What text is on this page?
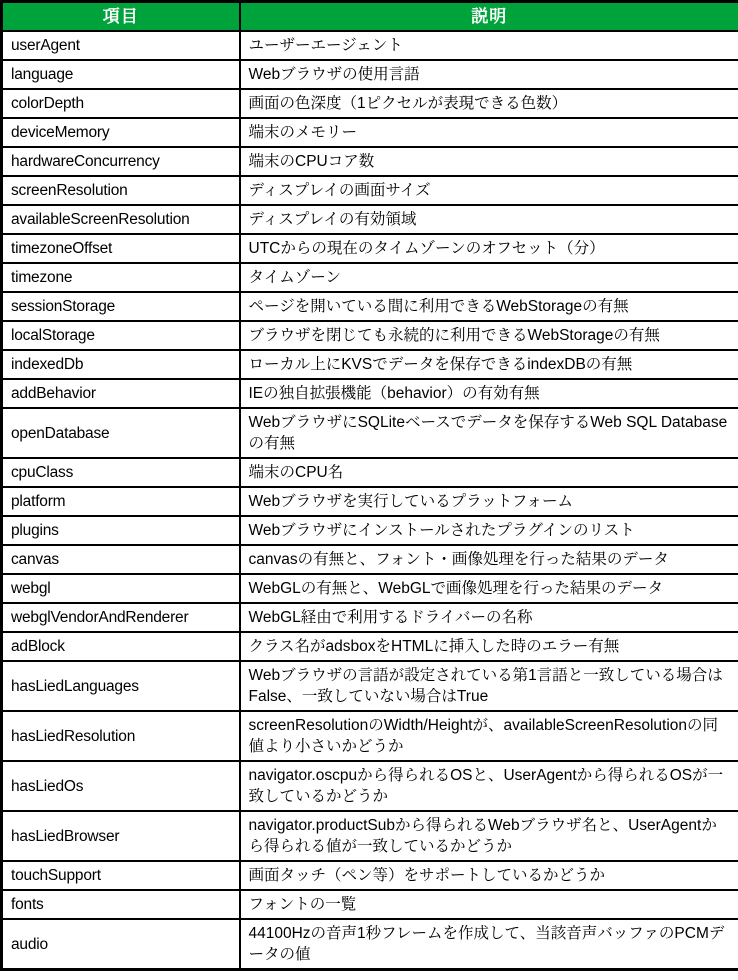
項目	説明
userAgent	ユーザーエージェント
language	Webブラウザの使用言語
colorDepth	画面の色深度（1ピクセルが表現できる色数）
deviceMemory	端末のメモリー
hardwareConcurrency	端末のCPUコア数
screenResolution	ディスプレイの画面サイズ
availableScreenResolution	ディスプレイの有効領域
timezoneOffset	UTCからの現在のタイムゾーンのオフセット（分）
timezone	タイムゾーン
sessionStorage	ページを開いている間に利用できるWebStorageの有無
localStorage	ブラウザを閉じても永続的に利用できるWebStorageの有無
indexedDb	ローカル上にKVSでデータを保存できるindexDBの有無
addBehavior	IEの独自拡張機能（behavior）の有効有無
openDatabase	WebブラウザにSQLiteベースでデータを保存するWeb SQL Databaseの有無
cpuClass	端末のCPU名
platform	Webブラウザを実行しているプラットフォーム
plugins	Webブラウザにインストールされたプラグインのリスト
canvas	canvasの有無と、フォント・画像処理を行った結果のデータ
webgl	WebGLの有無と、WebGLで画像処理を行った結果のデータ
webglVendorAndRenderer	WebGL経由で利用するドライバーの名称
adBlock	クラス名がadsboxをHTMLに挿入した時のエラー有無
hasLiedLanguages	Webブラウザの言語が設定されている第1言語と一致している場合はFalse、一致していない場合はTrue
hasLiedResolution	screenResolutionのWidth/Heightが、availableScreenResolutionの同値より小さいかどうか
hasLiedOs	navigator.oscpuから得られるOSと、UserAgentから得られるOSが一致しているかどうか
hasLiedBrowser	navigator.productSubから得られるWebブラウザ名と、UserAgentから得られる値が一致しているかどうか
touchSupport	画面タッチ（ペン等）をサポートしているかどうか
fonts	フォントの一覧
audio	44100Hzの音声1秒フレームを作成して、当該音声バッファのPCMデータの値
